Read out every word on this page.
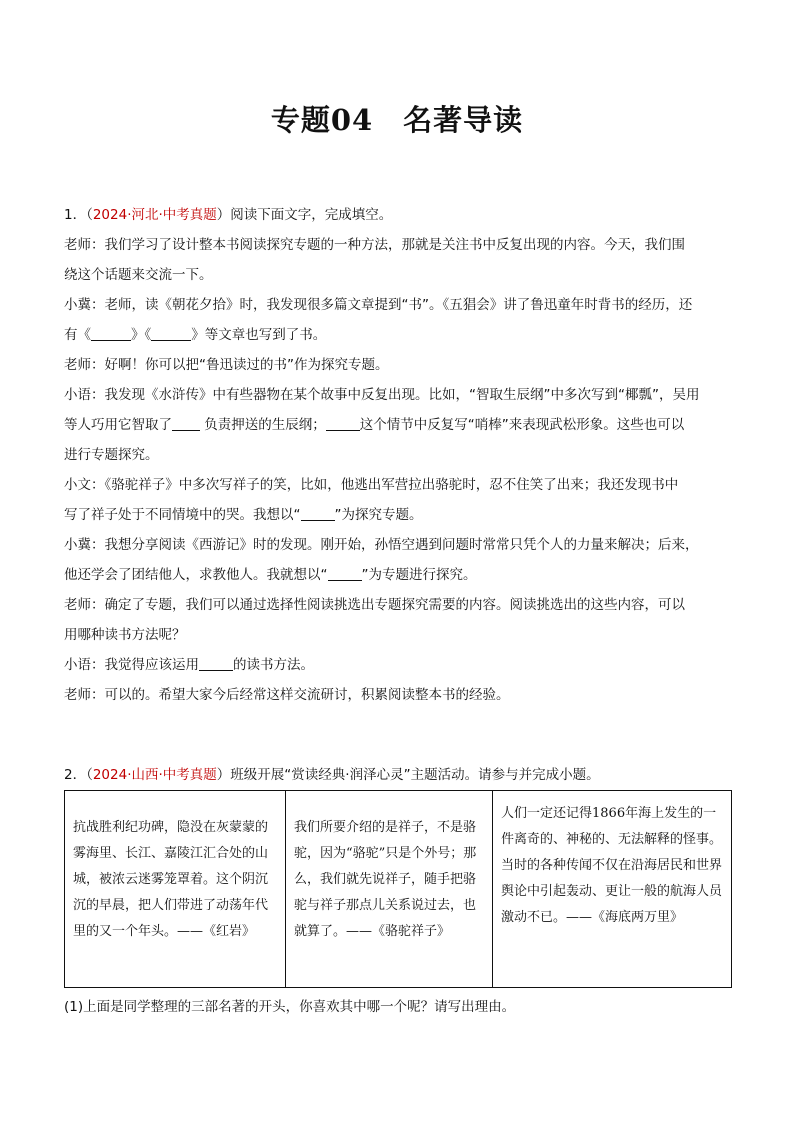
专题04 名著导读
1．（2024·河北·中考真题）阅读下面文字，完成填空。
老师：我们学习了设计整本书阅读探究专题的一种方法，那就是关注书中反复出现的内容。今天，我们围
绕这个话题来交流一下。
小冀：老师，读《朝花夕拾》时，我发现很多篇文章提到“书”。《五猖会》讲了鲁迅童年时背书的经历，还
有《	》《	》等文章也写到了书。
老师：好啊！你可以把“鲁迅读过的书”作为探究专题。
小语：我发现《水浒传》中有些器物在某个故事中反复出现。比如，“智取生辰纲”中多次写到“椰瓢”，吴用
等人巧用它智取了 负责押送的生辰纲；	这个情节中反复写“哨棒”来表现武松形象。这些也可以
进行专题探究。
小文：《骆驼祥子》中多次写祥子的笑，比如，他逃出军营拉出骆驼时，忍不住笑了出来；我还发现书中
写了祥子处于不同情境中的哭。我想以“	”为探究专题。
小冀：我想分享阅读《西游记》时的发现。刚开始，孙悟空遇到问题时常常只凭个人的力量来解决；后来，
他还学会了团结他人，求教他人。我就想以“	”为专题进行探究。
老师：确定了专题，我们可以通过选择性阅读挑选出专题探究需要的内容。阅读挑选出的这些内容，可以
用哪种读书方法呢？
小语：我觉得应该运用	的读书方法。
老师：可以的。希望大家今后经常这样交流研讨，积累阅读整本书的经验。
2．（2024·山西·中考真题）班级开展“赏读经典·润泽心灵”主题活动。请参与并完成小题。

抗战胜利纪功碑，隐没在灰蒙蒙的雾海里、长江、嘉陵江汇合处的山城，被浓云迷雾笼罩着。这个阴沉沉的早晨，把人们带进了动荡年代里的又一个年头。——《红岩》

我们所要介绍的是祥子，不是骆驼，因为“骆驼”只是个外号；那么，我们就先说祥子，随手把骆驼与祥子那点儿关系说过去，也就算了。——《骆驼祥子》

人们一定还记得1866年海上发生的一件离奇的、神秘的、无法解释的怪事。当时的各种传闻不仅在沿海居民和世界舆论中引起轰动、更让一般的航海人员激动不已。——《海底两万里》

(1)上面是同学整理的三部名著的开头，你喜欢其中哪一个呢？请写出理由。
